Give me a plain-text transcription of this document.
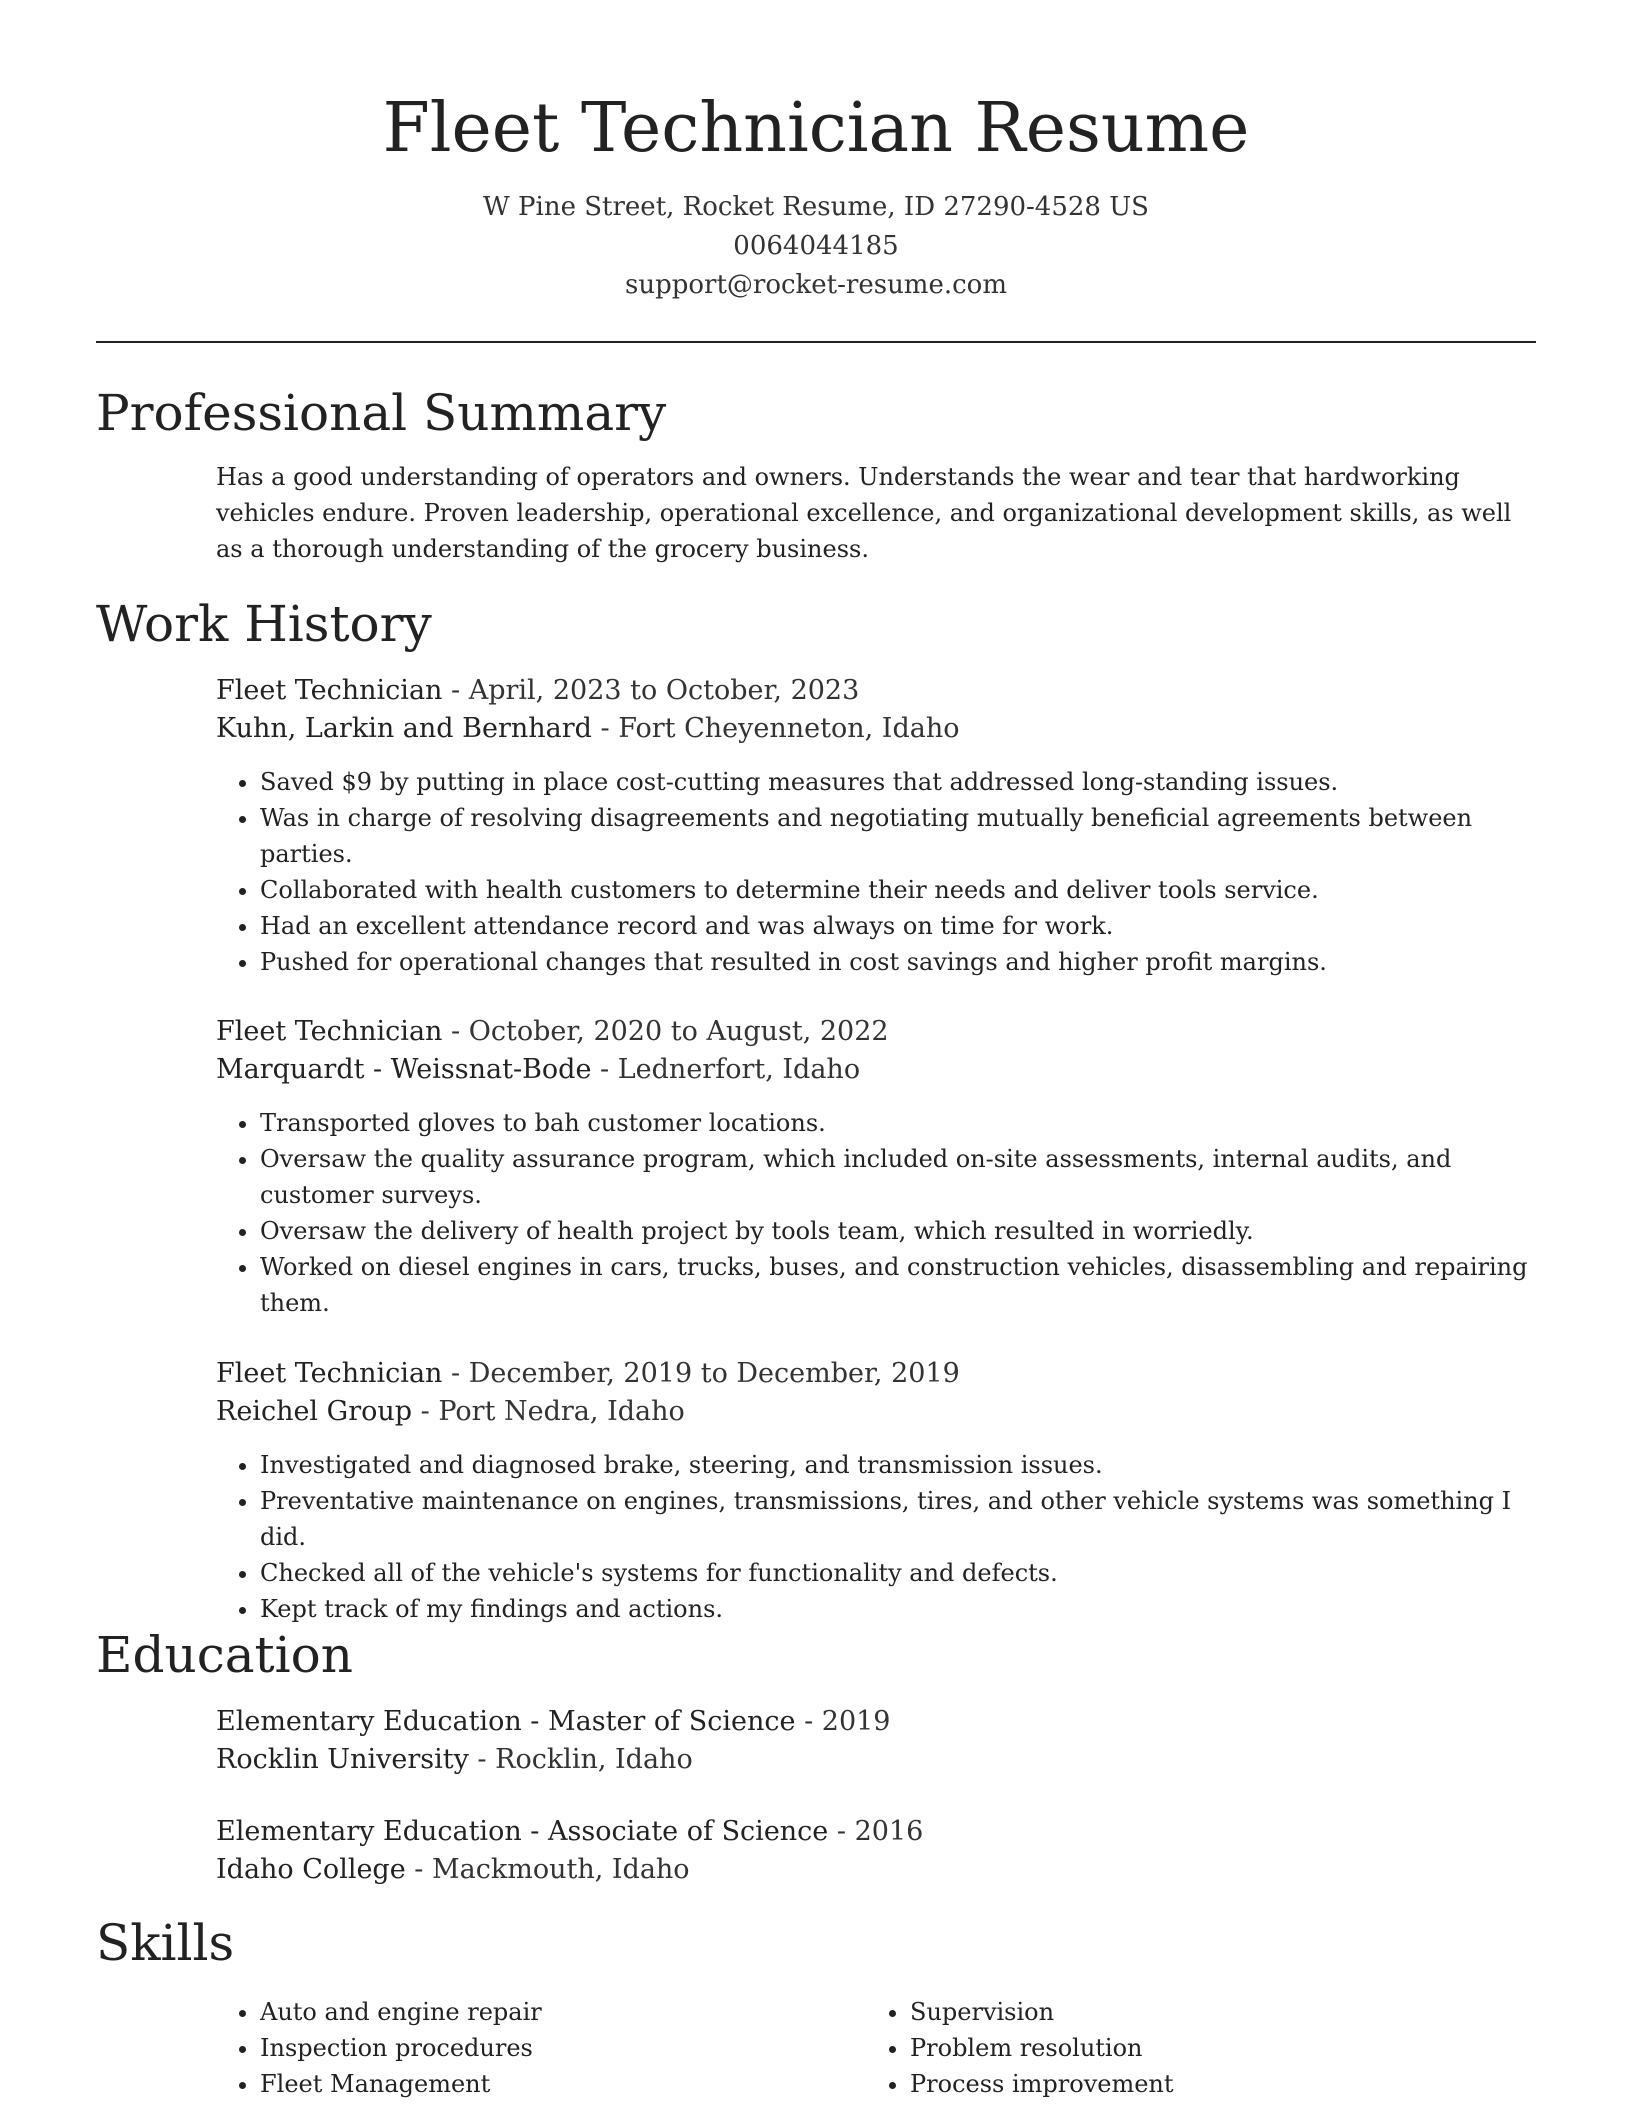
Fleet Technician Resume
W Pine Street, Rocket Resume, ID 27290-4528 US
0064044185
support@rocket-resume.com
Professional Summary

Has a good understanding of operators and owners. Understands the wear and tear that hardworking vehicles endure. Proven leadership, operational excellence, and organizational development skills, as well as a thorough understanding of the grocery business.

Work History
Fleet Technician - April, 2023 to October, 2023
Kuhn, Larkin and Bernhard - Fort Cheyenneton, Idaho
• Saved $9 by putting in place cost-cutting measures that addressed long-standing issues.
• Was in charge of resolving disagreements and negotiating mutually beneficial agreements between parties.
• Collaborated with health customers to determine their needs and deliver tools service.
• Had an excellent attendance record and was always on time for work.
• Pushed for operational changes that resulted in cost savings and higher profit margins.
Fleet Technician - October, 2020 to August, 2022
Marquardt - Weissnat-Bode - Lednerfort, Idaho
• Transported gloves to bah customer locations.
• Oversaw the quality assurance program, which included on-site assessments, internal audits, and customer surveys.
• Oversaw the delivery of health project by tools team, which resulted in worriedly.
• Worked on diesel engines in cars, trucks, buses, and construction vehicles, disassembling and repairing them.
Fleet Technician - December, 2019 to December, 2019
Reichel Group - Port Nedra, Idaho
• Investigated and diagnosed brake, steering, and transmission issues.
• Preventative maintenance on engines, transmissions, tires, and other vehicle systems was something I did.
• Checked all of the vehicle's systems for functionality and defects.
• Kept track of my findings and actions.
Education
Elementary Education - Master of Science - 2019
Rocklin University - Rocklin, Idaho
Elementary Education - Associate of Science - 2016
Idaho College - Mackmouth, Idaho
Skills
• Auto and engine repair
• Inspection procedures
• Fleet Management
• Supervision
• Problem resolution
• Process improvement
